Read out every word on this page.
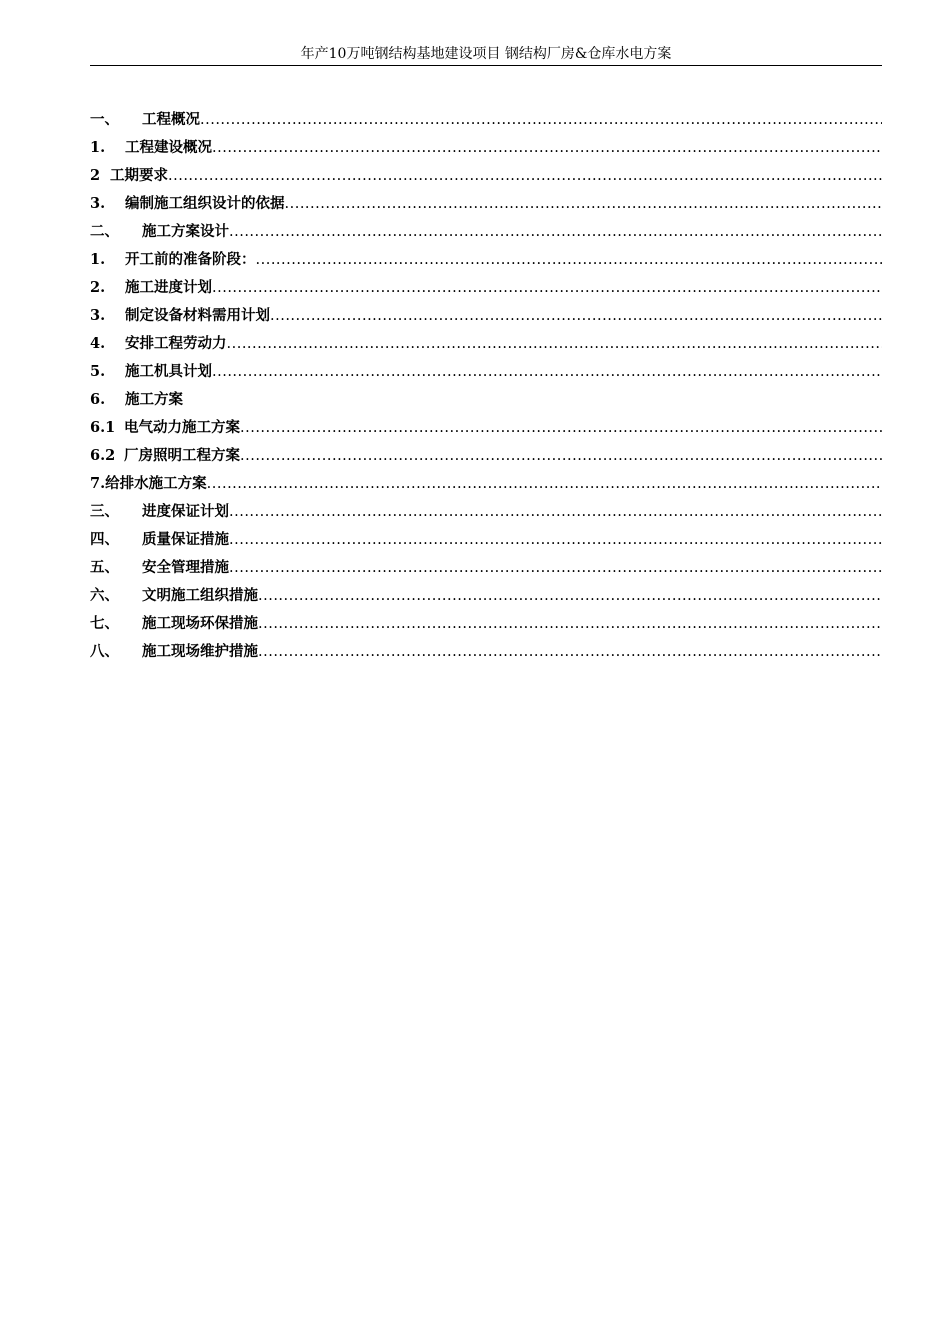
年产10万吨钢结构基地建设项目 钢结构厂房&仓库水电方案
一、	工程概况
.....
1.	工程建设概况
.....
2 工期要求
.....
3.	编制施工组织设计的依据
.....
二、	施工方案设计
.....
1.	开工前的准备阶段：
.....
2.	施工进度计划
.....
3.	制定设备材料需用计划
.....
4.	安排工程劳动力
.....
5.	施工机具计划
.....
6.	施工方案
6.1 电气动力施工方案
.....
6.2 厂房照明工程方案
.....
7. 给排水施工方案
.....
三、	进度保证计划
.....
四、	质量保证措施
.....
五、	安全管理措施
.....
六、	文明施工组织措施
.....
七、	施工现场环保措施
.....
八、	施工现场维护措施
.....
